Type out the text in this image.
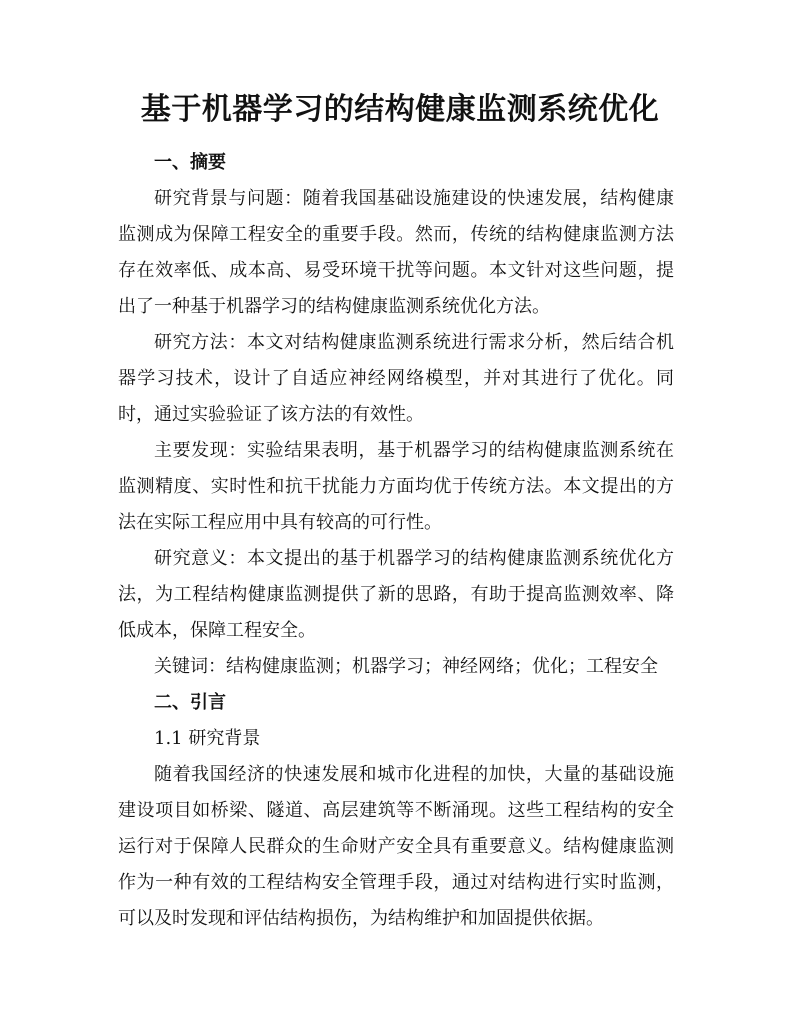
基于机器学习的结构健康监测系统优化
一、摘要

研究背景与问题：随着我国基础设施建设的快速发展，结构健康监测成为保障工程安全的重要手段。然而，传统的结构健康监测方法存在效率低、成本高、易受环境干扰等问题。本文针对这些问题，提出了一种基于机器学习的结构健康监测系统优化方法。

研究方法：本文对结构健康监测系统进行需求分析，然后结合机器学习技术，设计了自适应神经网络模型，并对其进行了优化。同时，通过实验验证了该方法的有效性。

主要发现：实验结果表明，基于机器学习的结构健康监测系统在监测精度、实时性和抗干扰能力方面均优于传统方法。本文提出的方法在实际工程应用中具有较高的可行性。

研究意义：本文提出的基于机器学习的结构健康监测系统优化方法，为工程结构健康监测提供了新的思路，有助于提高监测效率、降低成本，保障工程安全。

关键词：结构健康监测；机器学习；神经网络；优化；工程安全

二、引言
1.1 研究背景

随着我国经济的快速发展和城市化进程的加快，大量的基础设施建设项目如桥梁、隧道、高层建筑等不断涌现。这些工程结构的安全运行对于保障人民群众的生命财产安全具有重要意义。结构健康监测作为一种有效的工程结构安全管理手段，通过对结构进行实时监测，可以及时发现和评估结构损伤，为结构维护和加固提供依据。
